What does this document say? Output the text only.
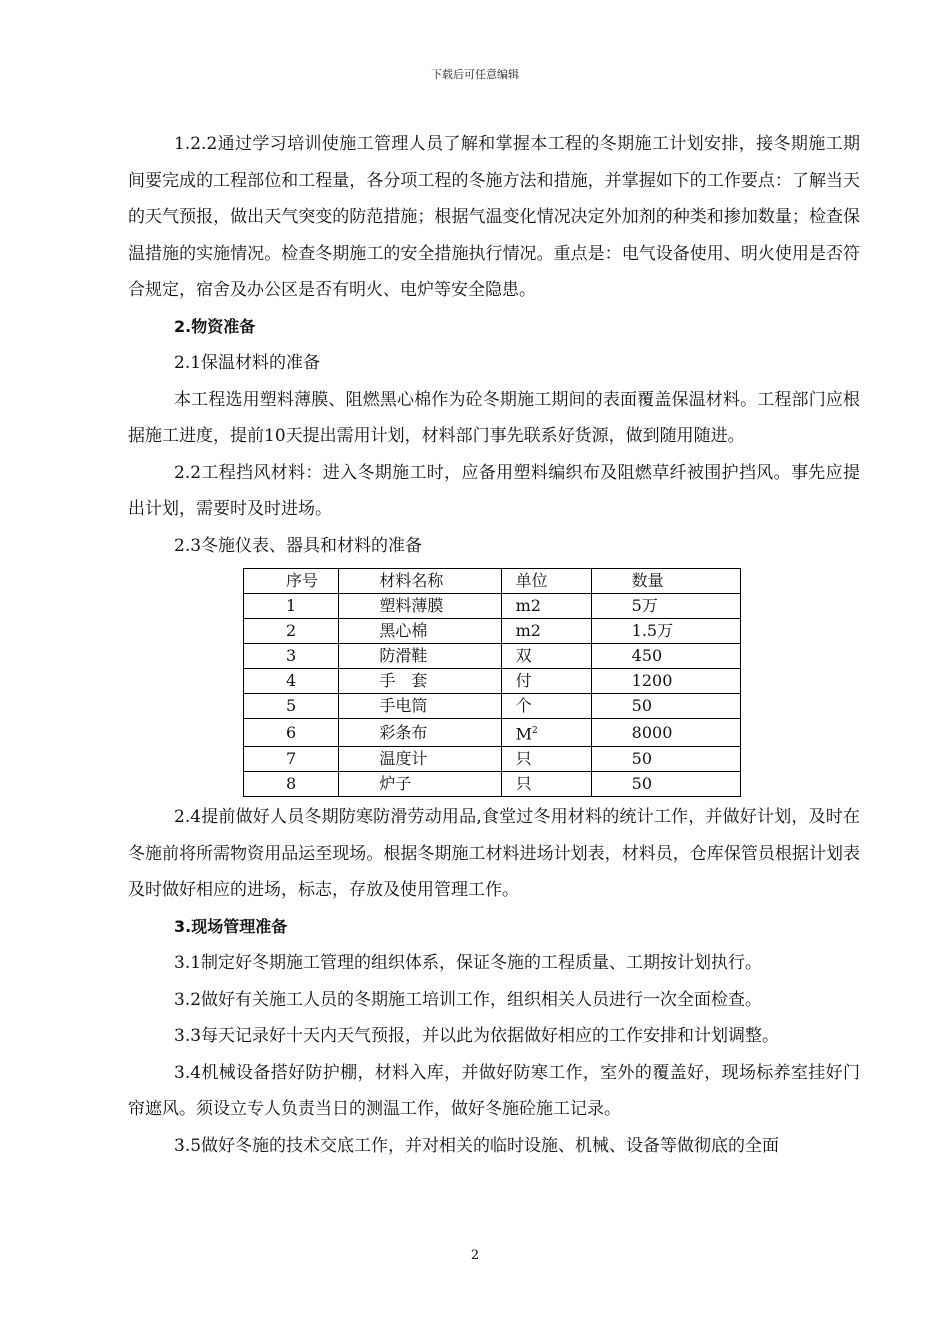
下载后可任意编辑

1.2.2通过学习培训使施工管理人员了解和掌握本工程的冬期施工计划安排，接冬期施工期间要完成的工程部位和工程量，各分项工程的冬施方法和措施，并掌握如下的工作要点：了解当天的天气预报，做出天气突变的防范措施；根据气温变化情况决定外加剂的种类和掺加数量；检查保温措施的实施情况。检查冬期施工的安全措施执行情况。重点是：电气设备使用、明火使用是否符合规定，宿舍及办公区是否有明火、电炉等安全隐患。

2.物资准备

2.1保温材料的准备

本工程选用塑料薄膜、阻燃黑心棉作为砼冬期施工期间的表面覆盖保温材料。工程部门应根据施工进度，提前10天提出需用计划，材料部门事先联系好货源，做到随用随进。

2.2工程挡风材料：进入冬期施工时，应备用塑料编织布及阻燃草纤被围护挡风。事先应提出计划，需要时及时进场。

2.3冬施仪表、器具和材料的准备

序号	材料名称	单位	数量
1	塑料薄膜	m2	5万
2	黑心棉	m2	1.5万
3	防滑鞋	双	450
4	手　套	付	1200
5	手电筒	个	50
6	彩条布	$M^2$	8000
7	温度计	只	50
8	炉子	只	50

2.4提前做好人员冬期防寒防滑劳动用品,食堂过冬用材料的统计工作，并做好计划，及时在冬施前将所需物资用品运至现场。根据冬期施工材料进场计划表，材料员，仓库保管员根据计划表及时做好相应的进场，标志，存放及使用管理工作。

3.现场管理准备

3.1制定好冬期施工管理的组织体系，保证冬施的工程质量、工期按计划执行。

3.2做好有关施工人员的冬期施工培训工作，组织相关人员进行一次全面检查。

3.3每天记录好十天内天气预报，并以此为依据做好相应的工作安排和计划调整。

3.4机械设备搭好防护棚，材料入库，并做好防寒工作，室外的覆盖好，现场标养室挂好门帘遮风。须设立专人负责当日的测温工作，做好冬施砼施工记录。

3.5做好冬施的技术交底工作，并对相关的临时设施、机械、设备等做彻底的全面

2
